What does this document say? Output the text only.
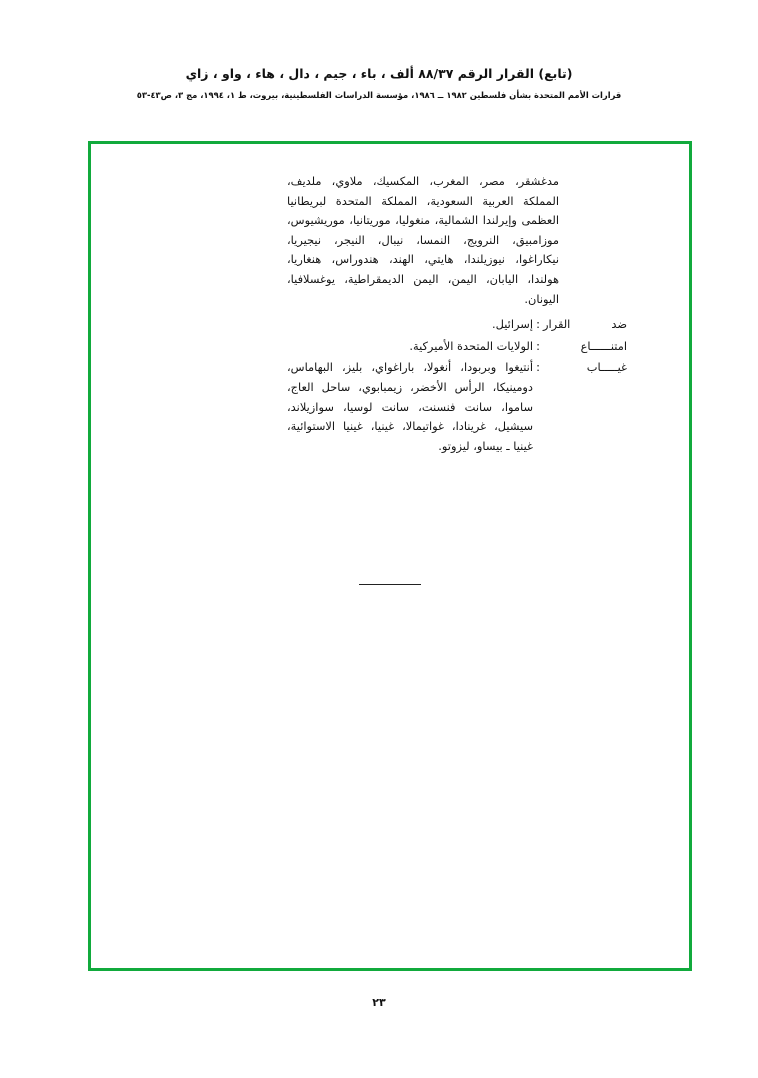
(تابع) القرار الرقم ٨٨/٣٧ ألف ، باء ، جيم ، دال ، هاء ، واو ، زاي
قرارات الأمم المتحدة بشأن فلسطين ١٩٨٢ ــ ١٩٨٦، مؤسسة الدراسات الفلسطينية، بيروت، ط ١، ١٩٩٤، مج ٣، ص٤٣-٥٣
مدغشقر، مصر، المغرب، المكسيك، ملاوي، ملديف، المملكة العربية السعودية، المملكة المتحدة لبريطانيا العظمى وإيرلندا الشمالية، منغوليا، موريتانيا، موريشيوس، موزامبيق، النرويج، النمسا، نيبال، النيجر، نيجيريا، نيكاراغوا، نيوزيلندا، هايتي، الهند، هندوراس، هنغاريا، هولندا، اليابان، اليمن، اليمن الديمقراطية، يوغسلافيا، اليونان.
ضد القرار
:
إسرائيل.
امتنــــــاع
:
الولايات المتحدة الأميركية.
غيـــــاب
:
أنتيغوا وبربودا، أنغولا، باراغواي، بليز، البهاماس، دومينيكا، الرأس الأخضر، زيمبابوي، ساحل العاج، ساموا، سانت فنسنت، سانت لوسيا، سوازيلاند، سيشيل، غرينادا، غواتيمالا، غينيا، غينيا الاستوائية، غينيا ـ بيساو، ليزوتو.
٢٣
